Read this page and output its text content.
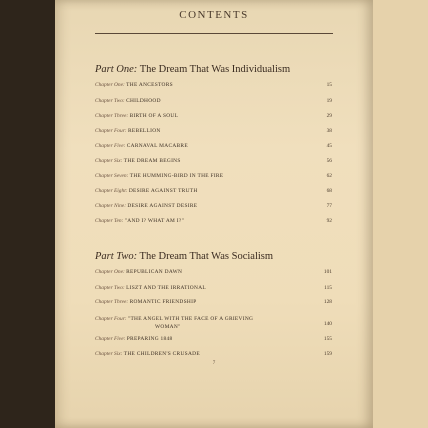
CONTENTS
Part One: The Dream That Was Individualism
Chapter One: THE ANCESTORS	15
Chapter Two: CHILDHOOD	19
Chapter Three: BIRTH OF A SOUL	29
Chapter Four: REBELLION	38
Chapter Five: CARNAVAL MACABRE	45
Chapter Six: THE DREAM BEGINS	56
Chapter Seven: THE HUMMING-BIRD IN THE FIRE	62
Chapter Eight: DESIRE AGAINST TRUTH	68
Chapter Nine: DESIRE AGAINST DESIRE	77
Chapter Ten: "AND I? WHAT AM I?"	92
Part Two: The Dream That Was Socialism
Chapter One: REPUBLICAN DAWN	101
Chapter Two: LISZT AND THE IRRATIONAL	115
Chapter Three: ROMANTIC FRIENDSHIP	128
Chapter Four: "THE ANGEL WITH THE FACE OF A GRIEVING
WOMAN"	140
Chapter Five: PREPARING 1848	155
Chapter Six: THE CHILDREN'S CRUSADE	159
7
